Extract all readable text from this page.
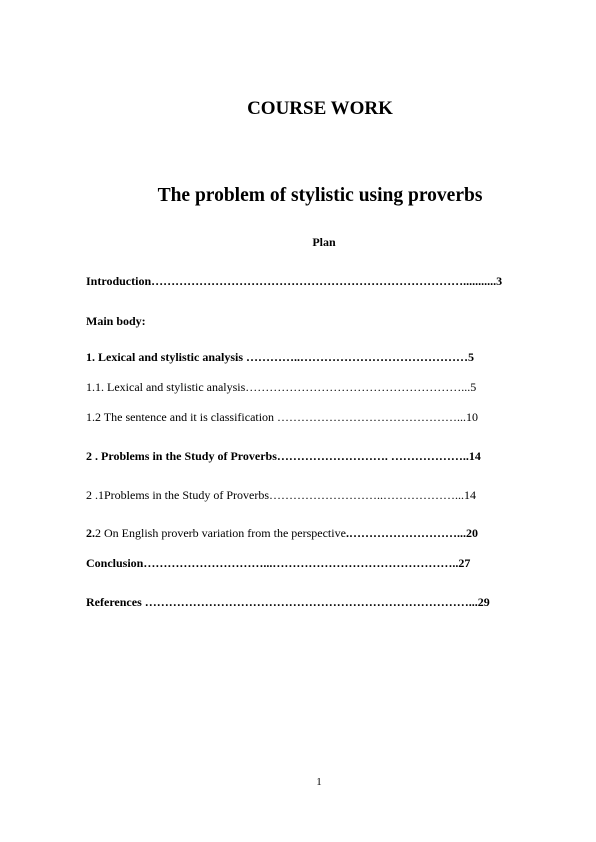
COURSE WORK
The problem of stylistic using proverbs
Plan
Introduction……………………………………………………………………...........3
Main body:
1. Lexical and stylistic analysis …………..……………………………………5
1.1. Lexical and stylistic analysis………………………………………………...5
1.2 The sentence and it is classification ………………………………………...10
2 . Problems in the Study of Proverbs………………………. ………………..14
2 .1Problems in the Study of Proverbs………………………..………………...14
2.2 On English proverb variation from the perspective.………………………...20
Conclusion…………………………...………………………………………..27
References ………………………………………………………………………...29
1
